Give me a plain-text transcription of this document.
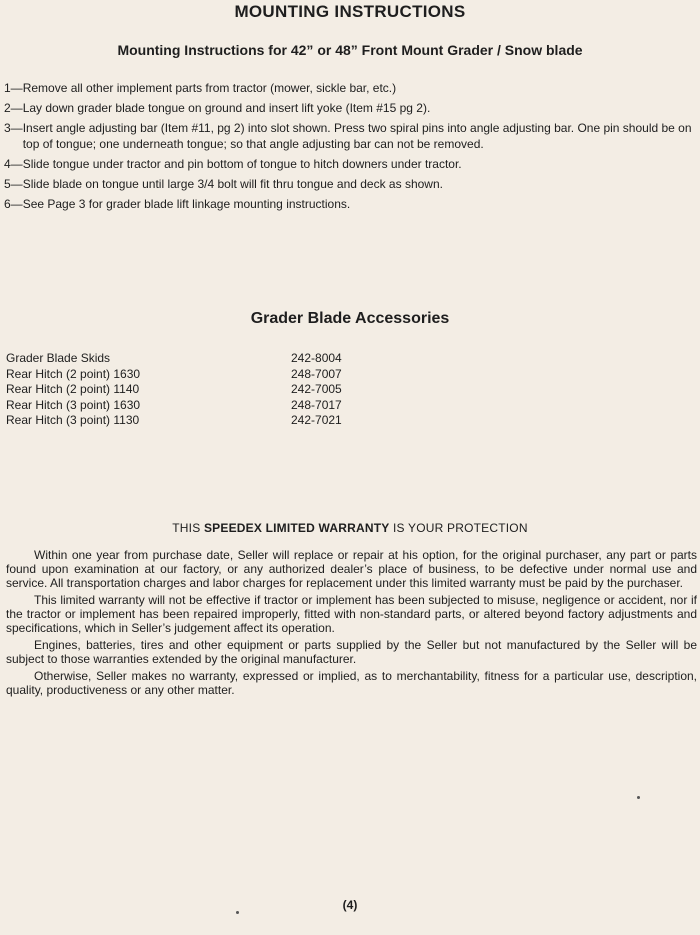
MOUNTING INSTRUCTIONS
Mounting Instructions for 42” or 48” Front Mount Grader / Snow blade
1— Remove all other implement parts from tractor (mower, sickle bar, etc.)
2— Lay down grader blade tongue on ground and insert lift yoke (Item #15 pg 2).
3— Insert angle adjusting bar (Item #11, pg 2) into slot shown. Press two spiral pins into angle adjusting bar. One pin should be on top of tongue; one underneath tongue; so that angle adjusting bar can not be removed.
4— Slide tongue under tractor and pin bottom of tongue to hitch downers under tractor.
5— Slide blade on tongue until large 3/4 bolt will fit thru tongue and deck as shown.
6— See Page 3 for grader blade lift linkage mounting instructions.
Grader Blade Accessories
Grader Blade Skids	242-8004
Rear Hitch (2 point) 1630	248-7007
Rear Hitch (2 point) 1140	242-7005
Rear Hitch (3 point) 1630	248-7017
Rear Hitch (3 point) 1130	242-7021
THIS SPEEDEX LIMITED WARRANTY IS YOUR PROTECTION

Within one year from purchase date, Seller will replace or repair at his option, for the original purchaser, any part or parts found upon examination at our factory, or any authorized dealer’s place of business, to be defective under normal use and service. All transportation charges and labor charges for replacement under this limited warranty must be paid by the purchaser.

This limited warranty will not be effective if tractor or implement has been subjected to misuse, negligence or accident, nor if the tractor or implement has been repaired improperly, fitted with non-standard parts, or altered beyond factory adjustments and specifications, which in Seller’s judgement affect its operation.

Engines, batteries, tires and other equipment or parts supplied by the Seller but not manufactured by the Seller will be subject to those warranties extended by the original manufacturer.

Otherwise, Seller makes no warranty, expressed or implied, as to merchantability, fitness for a particular use, description, quality, productiveness or any other matter.

(4)
